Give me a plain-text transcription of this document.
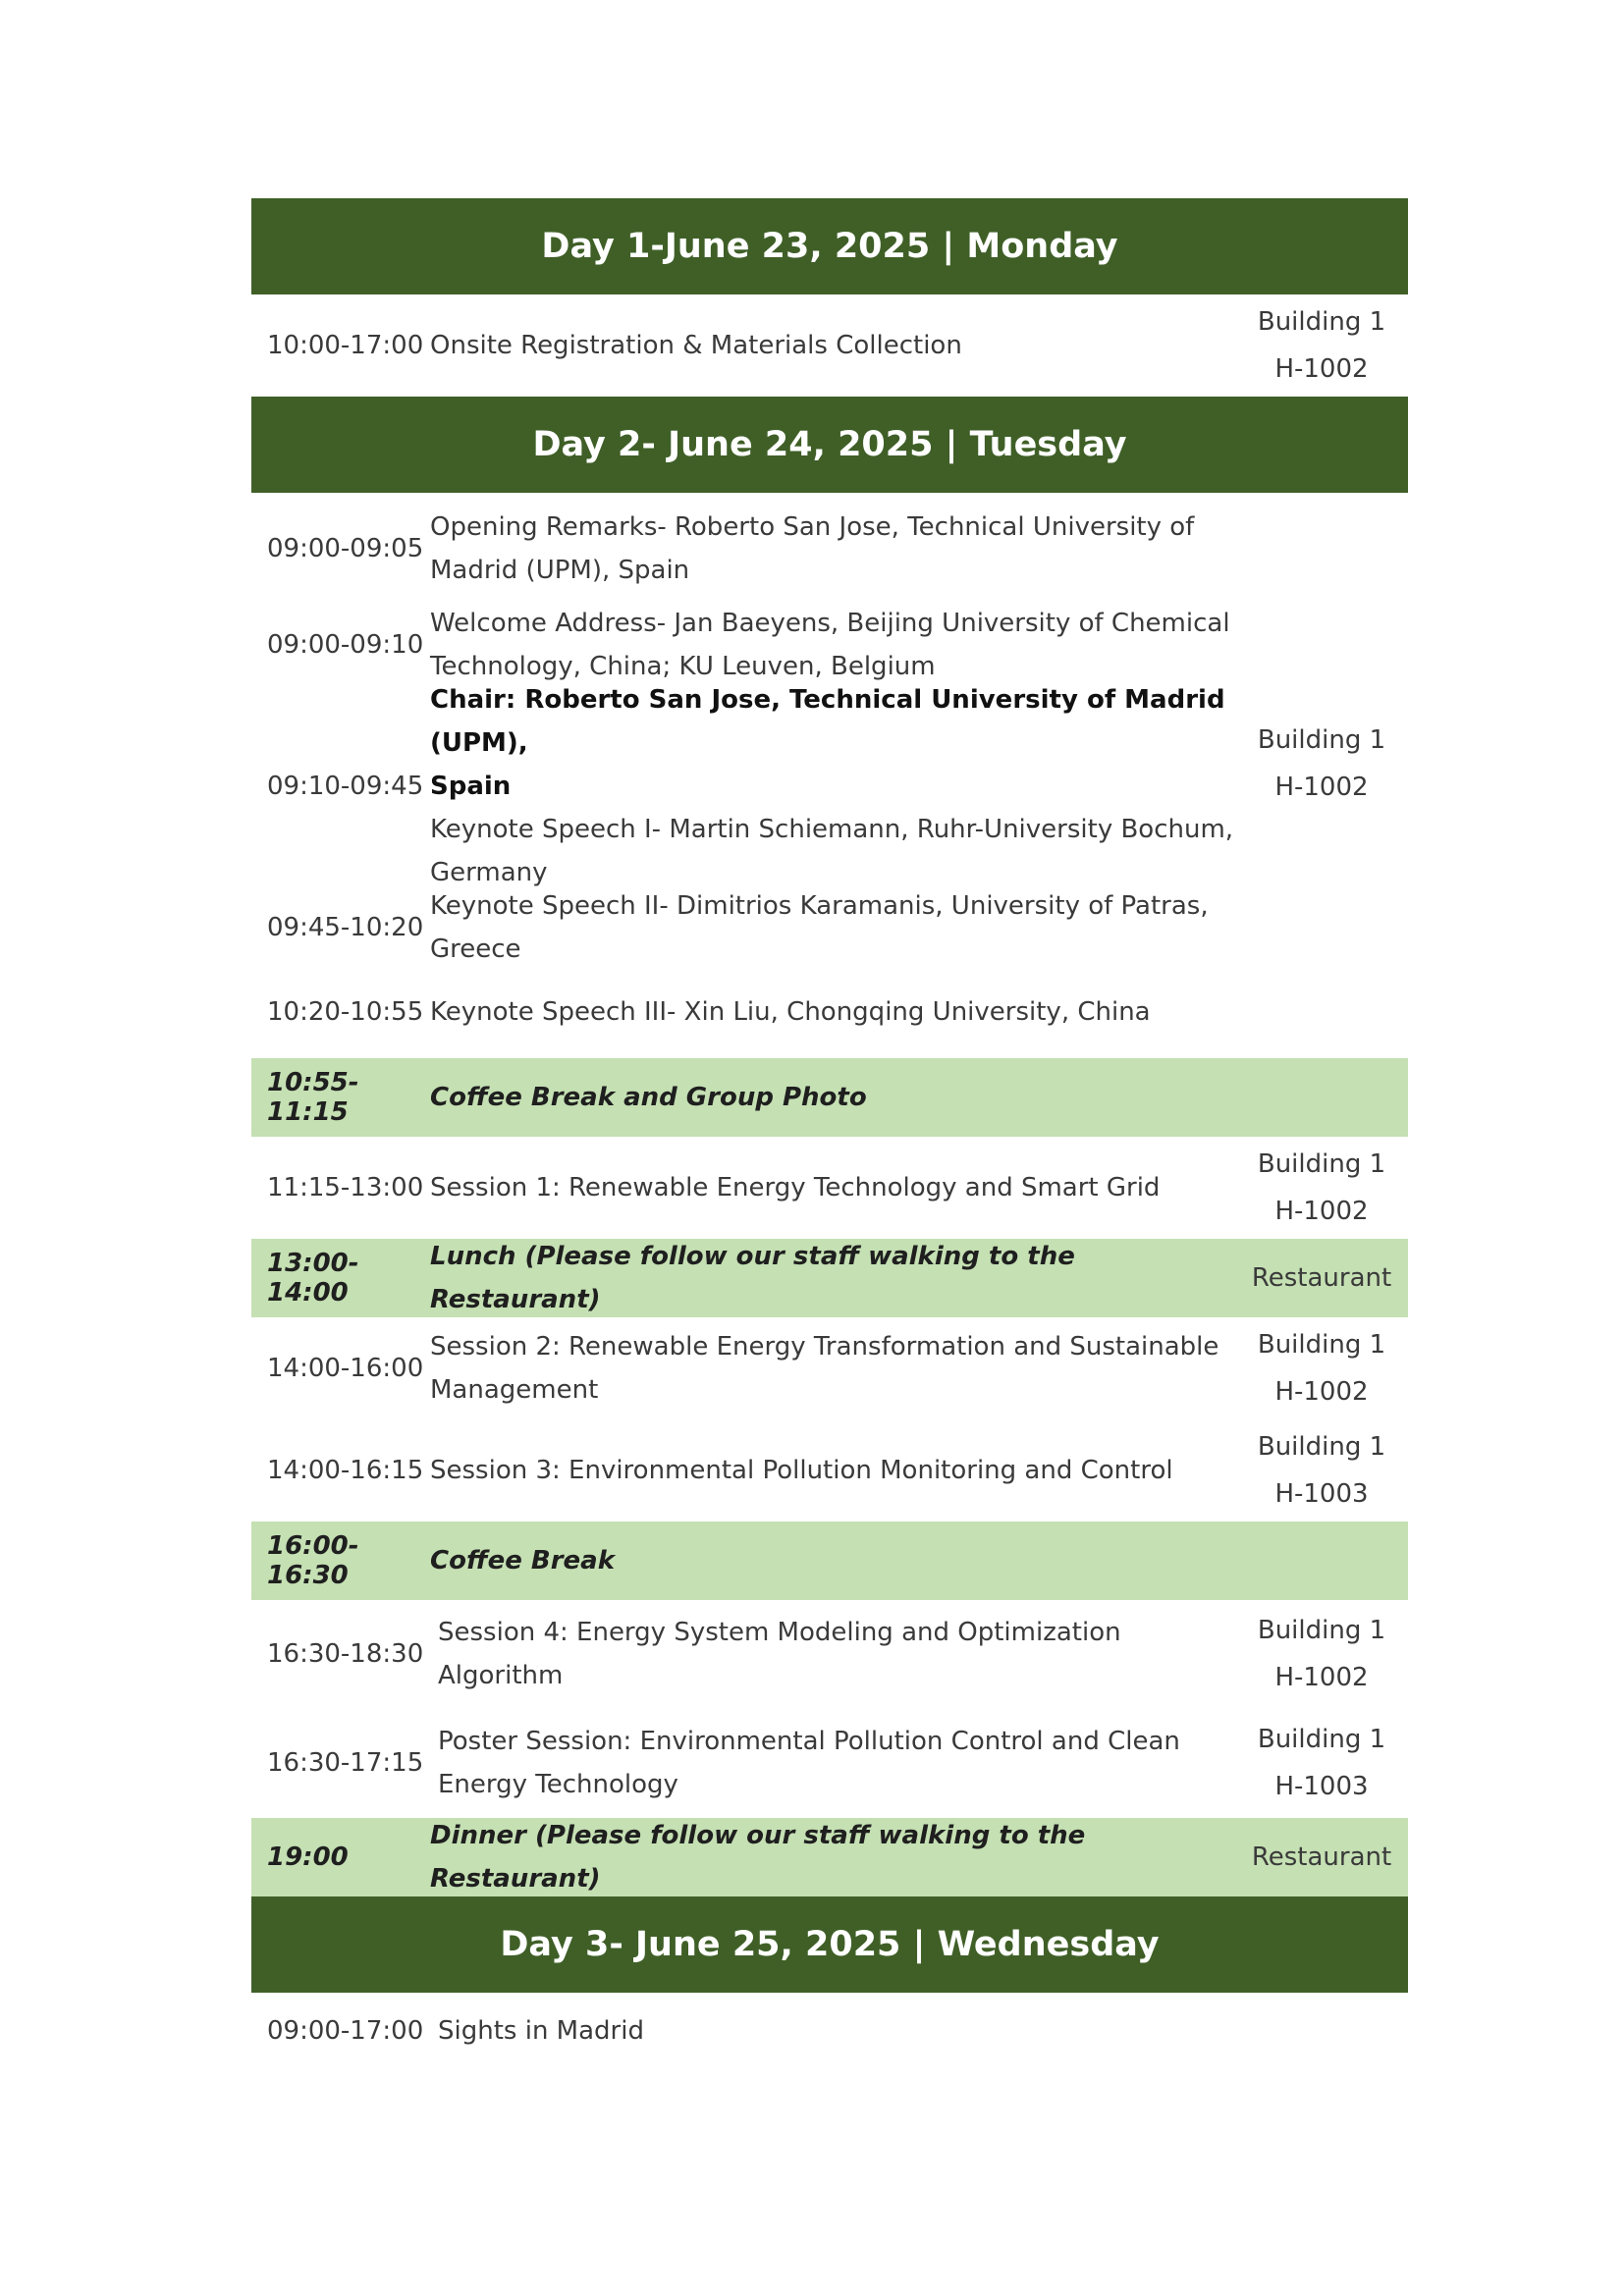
Day 1-June 23, 2025 | Monday
10:00-17:00 Onsite Registration & Materials Collection
Building 1
H-1002
Day 2- June 24, 2025 | Tuesday
Building 1
H-1002
09:00-09:05
Opening Remarks- Roberto San Jose, Technical University of
Madrid (UPM), Spain
09:00-09:10
Welcome Address- Jan Baeyens, Beijing University of Chemical
Technology, China; KU Leuven, Belgium
09:10-09:45
Chair: Roberto San Jose, Technical University of Madrid (UPM),
Spain
Keynote Speech I- Martin Schiemann, Ruhr-University Bochum,
Germany
09:45-10:20
Keynote Speech II- Dimitrios Karamanis, University of Patras,
Greece
10:20-10:55 Keynote Speech III- Xin Liu, Chongqing University, China
10:55-11:15	Coffee Break and Group Photo
11:15-13:00 Session 1: Renewable Energy Technology and Smart Grid
Building 1
H-1002
13:00-14:00
Lunch (Please follow our staff walking to the Restaurant)
Restaurant
14:00-16:00
Session 2: Renewable Energy Transformation and Sustainable
Management
Building 1
H-1002
14:00-16:15 Session 3: Environmental Pollution Monitoring and Control
Building 1
H-1003
16:00-16:30	Coffee Break
16:30-18:30
Session 4: Energy System Modeling and Optimization Algorithm
Building 1
H-1002
16:30-17:15
Poster Session: Environmental Pollution Control and Clean
Energy Technology
Building 1
H-1003
19:00
Dinner (Please follow our staff walking to the Restaurant)
Restaurant
Day 3- June 25, 2025 | Wednesday
09:00-17:00 Sights in Madrid
